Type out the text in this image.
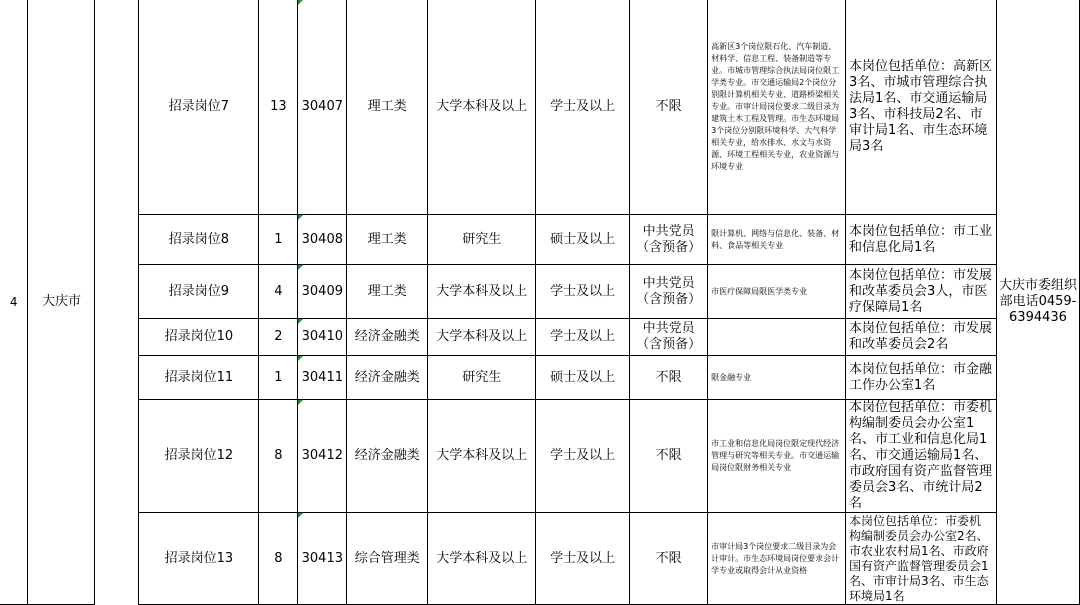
4	大庆市		招录岗位7	13	30407	理工类	大学本科及以上	学士及以上	不限	高新区3个岗位限石化、汽车制造、材料学、信息工程、装备制造等专业。市城市管理综合执法局岗位限工学类专业。市交通运输局2个岗位分别限计算机相关专业、道路桥梁相关专业。市审计局岗位要求二级目录为建筑土木工程及管理。市生态环境局3个岗位分别限环境科学、大气科学相关专业，给水排水、水文与水资源、环境工程相关专业，农业资源与环境专业	本岗位包括单位：高新区3名、市城市管理综合执法局1名、市交通运输局3名、市科技局2名、市审计局1名、市生态环境局3名	大庆市委组织部电话0459-6394436
			招录岗位8	1	30408	理工类	研究生	硕士及以上	中共党员（含预备）	限计算机、网络与信息化、装备、材料、食品等相关专业	本岗位包括单位：市工业和信息化局1名	
			招录岗位9	4	30409	理工类	大学本科及以上	学士及以上	中共党员（含预备）	市医疗保障局限医学类专业	本岗位包括单位：市发展和改革委员会3人，市医疗保障局1名	
			招录岗位10	2	30410	经济金融类	大学本科及以上	学士及以上	中共党员（含预备）		本岗位包括单位：市发展和改革委员会2名	
			招录岗位11	1	30411	经济金融类	研究生	硕士及以上	不限	限金融专业	本岗位包括单位：市金融工作办公室1名	
			招录岗位12	8	30412	经济金融类	大学本科及以上	学士及以上	不限	市工业和信息化局岗位限定现代经济管理与研究等相关专业。市交通运输局岗位限财务相关专业	本岗位包括单位：市委机构编制委员会办公室1名、市工业和信息化局1名、市交通运输局1名、市政府国有资产监督管理委员会3名、市统计局2名	
			招录岗位13	8	30413	综合管理类	大学本科及以上	学士及以上	不限	市审计局3个岗位要求二级目录为会计审计。市生态环境局岗位要求会计学专业或取得会计从业资格	本岗位包括单位：市委机构编制委员会办公室2名、市农业农村局1名、市政府国有资产监督管理委员会1名、市审计局3名、市生态环境局1名	
